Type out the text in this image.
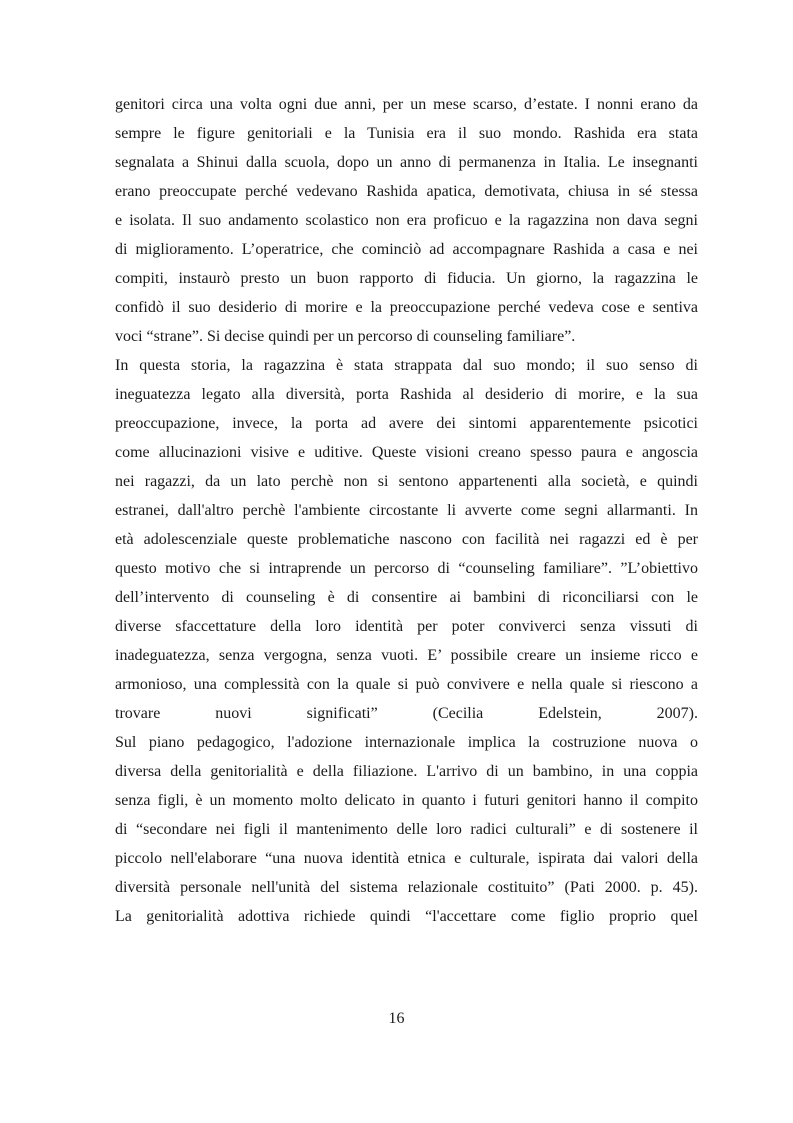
genitori circa una volta ogni due anni, per un mese scarso, d’estate. I nonni erano da
sempre le figure genitoriali e la Tunisia era il suo mondo. Rashida era stata
segnalata a Shinui dalla scuola, dopo un anno di permanenza in Italia. Le insegnanti
erano preoccupate perché vedevano Rashida apatica, demotivata, chiusa in sé stessa
e isolata. Il suo andamento scolastico non era proficuo e la ragazzina non dava segni
di miglioramento. L’operatrice, che cominciò ad accompagnare Rashida a casa e nei
compiti, instaurò presto un buon rapporto di fiducia. Un giorno, la ragazzina le
confidò il suo desiderio di morire e la preoccupazione perché vedeva cose e sentiva
voci “strane”. Si decise quindi per un percorso di counseling familiare”.
In questa storia, la ragazzina è stata strappata dal suo mondo; il suo senso di
ineguatezza legato alla diversità, porta Rashida al desiderio di morire, e la sua
preoccupazione, invece, la porta ad avere dei sintomi apparentemente psicotici
come allucinazioni visive e uditive. Queste visioni creano spesso paura e angoscia
nei ragazzi, da un lato perchè non si sentono appartenenti alla società, e quindi
estranei, dall'altro perchè l'ambiente circostante li avverte come segni allarmanti. In
età adolescenziale queste problematiche nascono con facilità nei ragazzi ed è per
questo motivo che si intraprende un percorso di “counseling familiare”. ”L’obiettivo
dell’intervento di counseling è di consentire ai bambini di riconciliarsi con le
diverse sfaccettature della loro identità per poter conviverci senza vissuti di
inadeguatezza, senza vergogna, senza vuoti. E’ possibile creare un insieme ricco e
armonioso, una complessità con la quale si può convivere e nella quale si riescono a
trovare nuovi significati” (Cecilia Edelstein, 2007).
Sul piano pedagogico, l'adozione internazionale implica la costruzione nuova o
diversa della genitorialità e della filiazione. L'arrivo di un bambino, in una coppia
senza figli, è un momento molto delicato in quanto i futuri genitori hanno il compito
di “secondare nei figli il mantenimento delle loro radici culturali” e di sostenere il
piccolo nell'elaborare “una nuova identità etnica e culturale, ispirata dai valori della
diversità personale nell'unità del sistema relazionale costituito” (Pati 2000. p. 45).
La genitorialità adottiva richiede quindi “l'accettare come figlio proprio quel
16
